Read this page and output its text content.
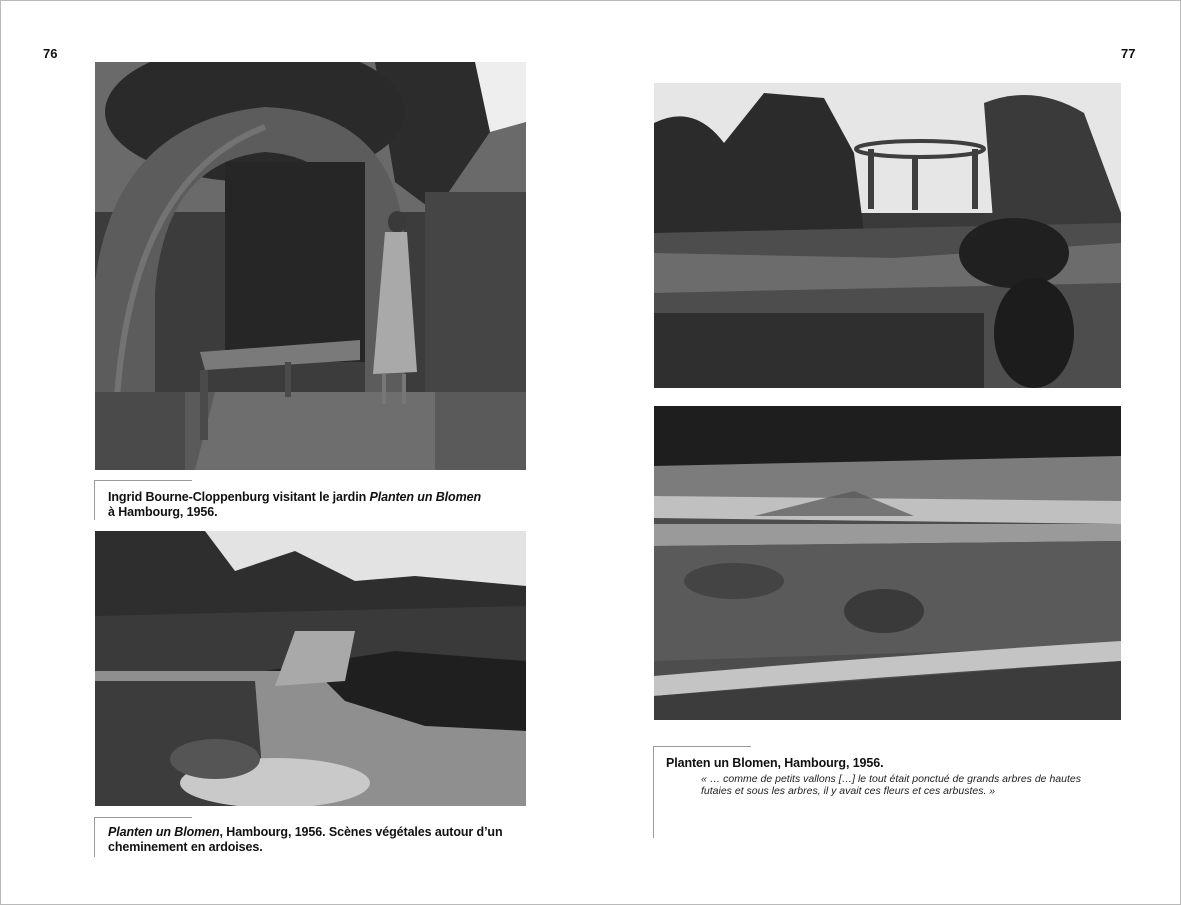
76	77
Ingrid Bourne-Cloppenburg visitant le jardin Planten un Blomen
à Hambourg, 1956.
Planten un Blomen, Hambourg, 1956. Scènes végétales autour d’un
cheminement en ardoises.
Planten un Blomen, Hambourg, 1956.
« … comme de petits vallons […] le tout était ponctué de grands arbres de hautes
futaies et sous les arbres, il y avait ces fleurs et ces arbustes. »
